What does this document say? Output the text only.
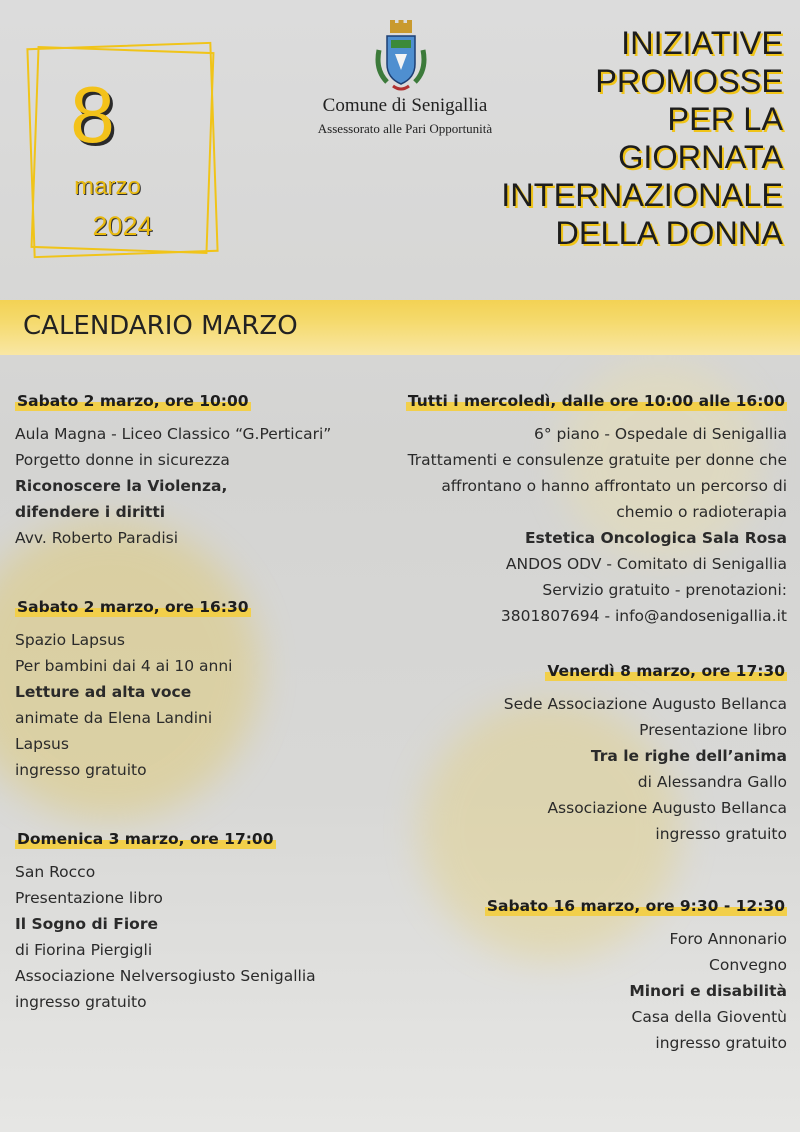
8
marzo
2024
Comune di Senigallia
Assessorato alle Pari Opportunità
INIZIATIVE
PROMOSSE
PER LA
GIORNATA
INTERNAZIONALE
DELLA DONNA
CALENDARIO MARZO
Sabato 2 marzo, ore 10:00
Aula Magna - Liceo Classico “G.Perticari”
Porgetto donne in sicurezza
Riconoscere la Violenza,
difendere i diritti
Avv. Roberto Paradisi
Sabato 2 marzo, ore 16:30
Spazio Lapsus
Per bambini dai 4 ai 10 anni
Letture ad alta voce
animate da Elena Landini
Lapsus
ingresso gratuito
Domenica 3 marzo, ore 17:00
San Rocco
Presentazione libro
Il Sogno di Fiore
di Fiorina Piergigli
Associazione Nelversogiusto Senigallia
ingresso gratuito
Tutti i mercoledì, dalle ore 10:00 alle 16:00
6° piano - Ospedale di Senigallia
Trattamenti e consulenze gratuite per donne che
affrontano o hanno affrontato un percorso di
chemio o radioterapia
Estetica Oncologica Sala Rosa
ANDOS ODV - Comitato di Senigallia
Servizio gratuito - prenotazioni:
3801807694 - info@andosenigallia.it
Venerdì 8 marzo, ore 17:30
Sede Associazione Augusto Bellanca
Presentazione libro
Tra le righe dell’anima
di Alessandra Gallo
Associazione Augusto Bellanca
ingresso gratuito
Sabato 16 marzo, ore 9:30 - 12:30
Foro Annonario
Convegno
Minori e disabilità
Casa della Gioventù
ingresso gratuito
